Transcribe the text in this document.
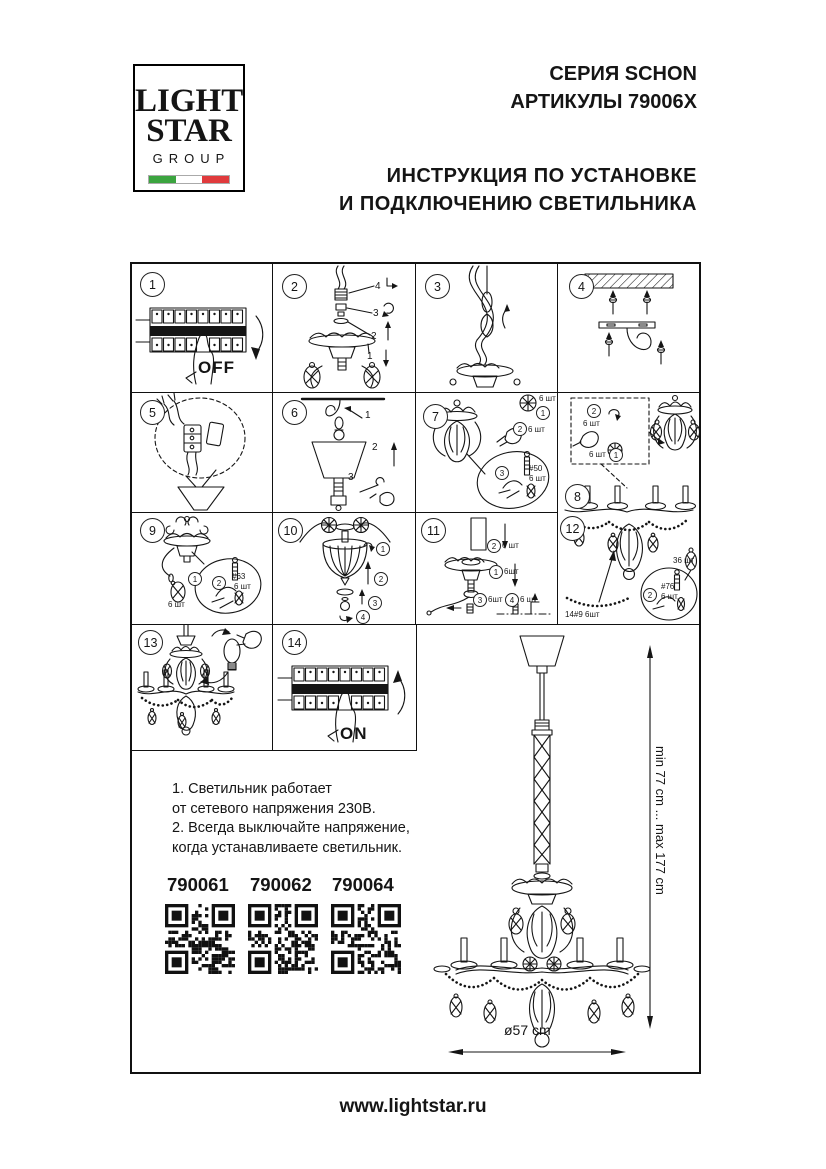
LIGHT
STAR
GROUP
СЕРИЯ SCHON
АРТИКУЛЫ 79006X
ИНСТРУКЦИЯ ПО УСТАНОВКЕ
И ПОДКЛЮЧЕНИЮ СВЕТИЛЬНИКА
1
OFF
2	4
3
2
1
3	4
5	6	1
2
3
7
6 шт
1
2 6 шт
3	#50
6 шт
2
6 шт
6 шт	1
8
12
36 шт
14#9 6шт
2
#76
6 шт
9
1
6 шт
2
#63
6 шт
10
1
2
3
4
11
2 6 шт
1 6шт
3 6шт 4 6 шт
13	14
ON
1. Светильник работает
от сетевого напряжения 230В.
2. Всегда выключайте напряжение,
когда устанавливаете светильник.
790061 790062 790064	min 77 cm ... max 177 cm
ø57 cm
www.lightstar.ru
